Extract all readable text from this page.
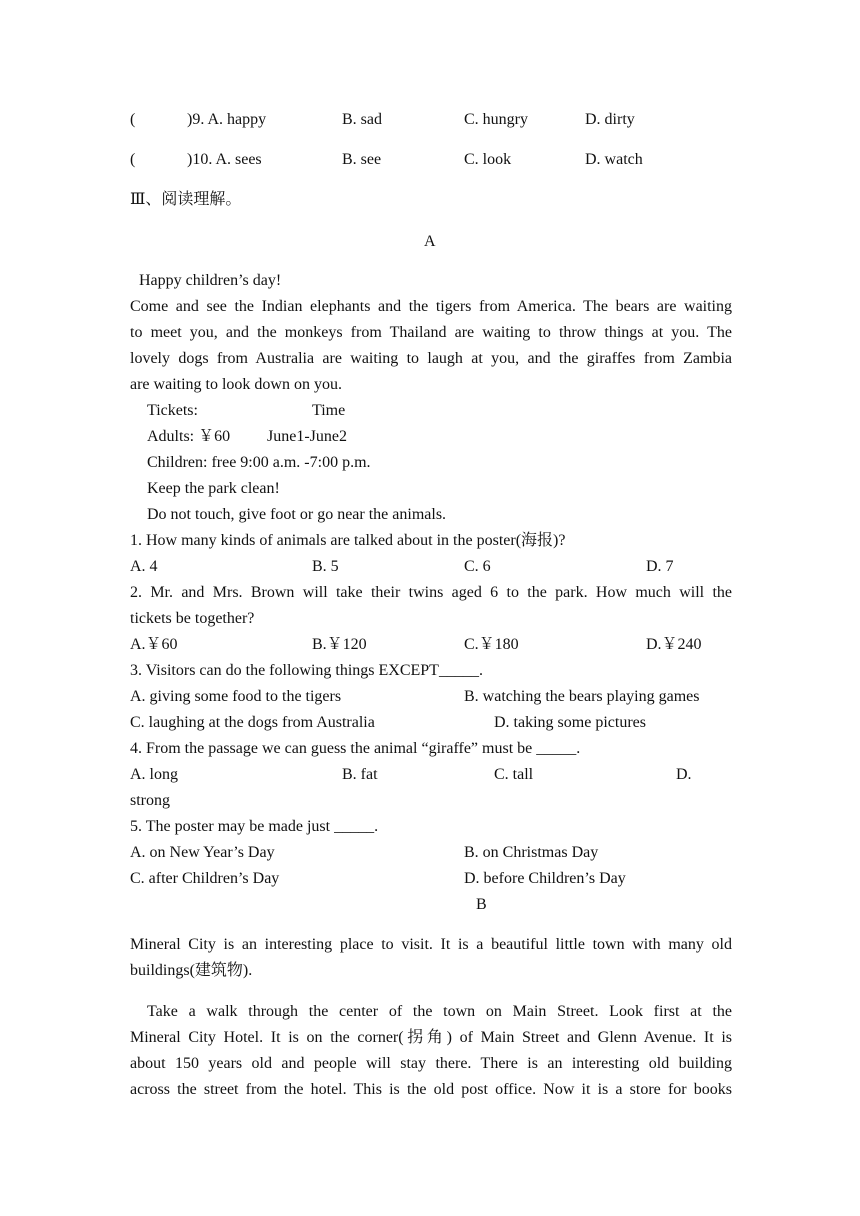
(	)9. A. happy	B. sad	C. hungry	D. dirty
(	)10. A. sees	B. see	C. look	D. watch
Ⅲ、阅读理解。
A
Happy children’s day!
Come and see the Indian elephants and the tigers from America. The bears are waiting
to meet you, and the monkeys from Thailand are waiting to throw things at you. The
lovely dogs from Australia are waiting to laugh at you, and the giraffes from Zambia
are waiting to look down on you.
Tickets:	Time
Adults: ￥60 June1-June2
Children: free 9:00 a.m. -7:00 p.m.
Keep the park clean!
Do not touch, give foot or go near the animals.
1. How many kinds of animals are talked about in the poster(海报)?
A. 4	B. 5	C. 6	D. 7
2. Mr. and Mrs. Brown will take their twins aged 6 to the park. How much will the
tickets be together?
A.￥60	B.￥120	C.￥180	D.￥240
3. Visitors can do the following things EXCEPT_____.
A. giving some food to the tigers	B. watching the bears playing games
C. laughing at the dogs from Australia	D. taking some pictures
4. From the passage we can guess the animal “giraffe” must be _____.
A. long	B. fat	C. tall	D.
strong
5. The poster may be made just _____.
A. on New Year’s Day	B. on Christmas Day
C. after Children’s Day	D. before Children’s Day
B
Mineral City is an interesting place to visit. It is a beautiful little town with many old
buildings(建筑物).
Take a walk through the center of the town on Main Street. Look first at the
Mineral City Hotel. It is on the corner(拐角) of Main Street and Glenn Avenue. It is
about 150 years old and people will stay there. There is an interesting old building
across the street from the hotel. This is the old post office. Now it is a store for books
